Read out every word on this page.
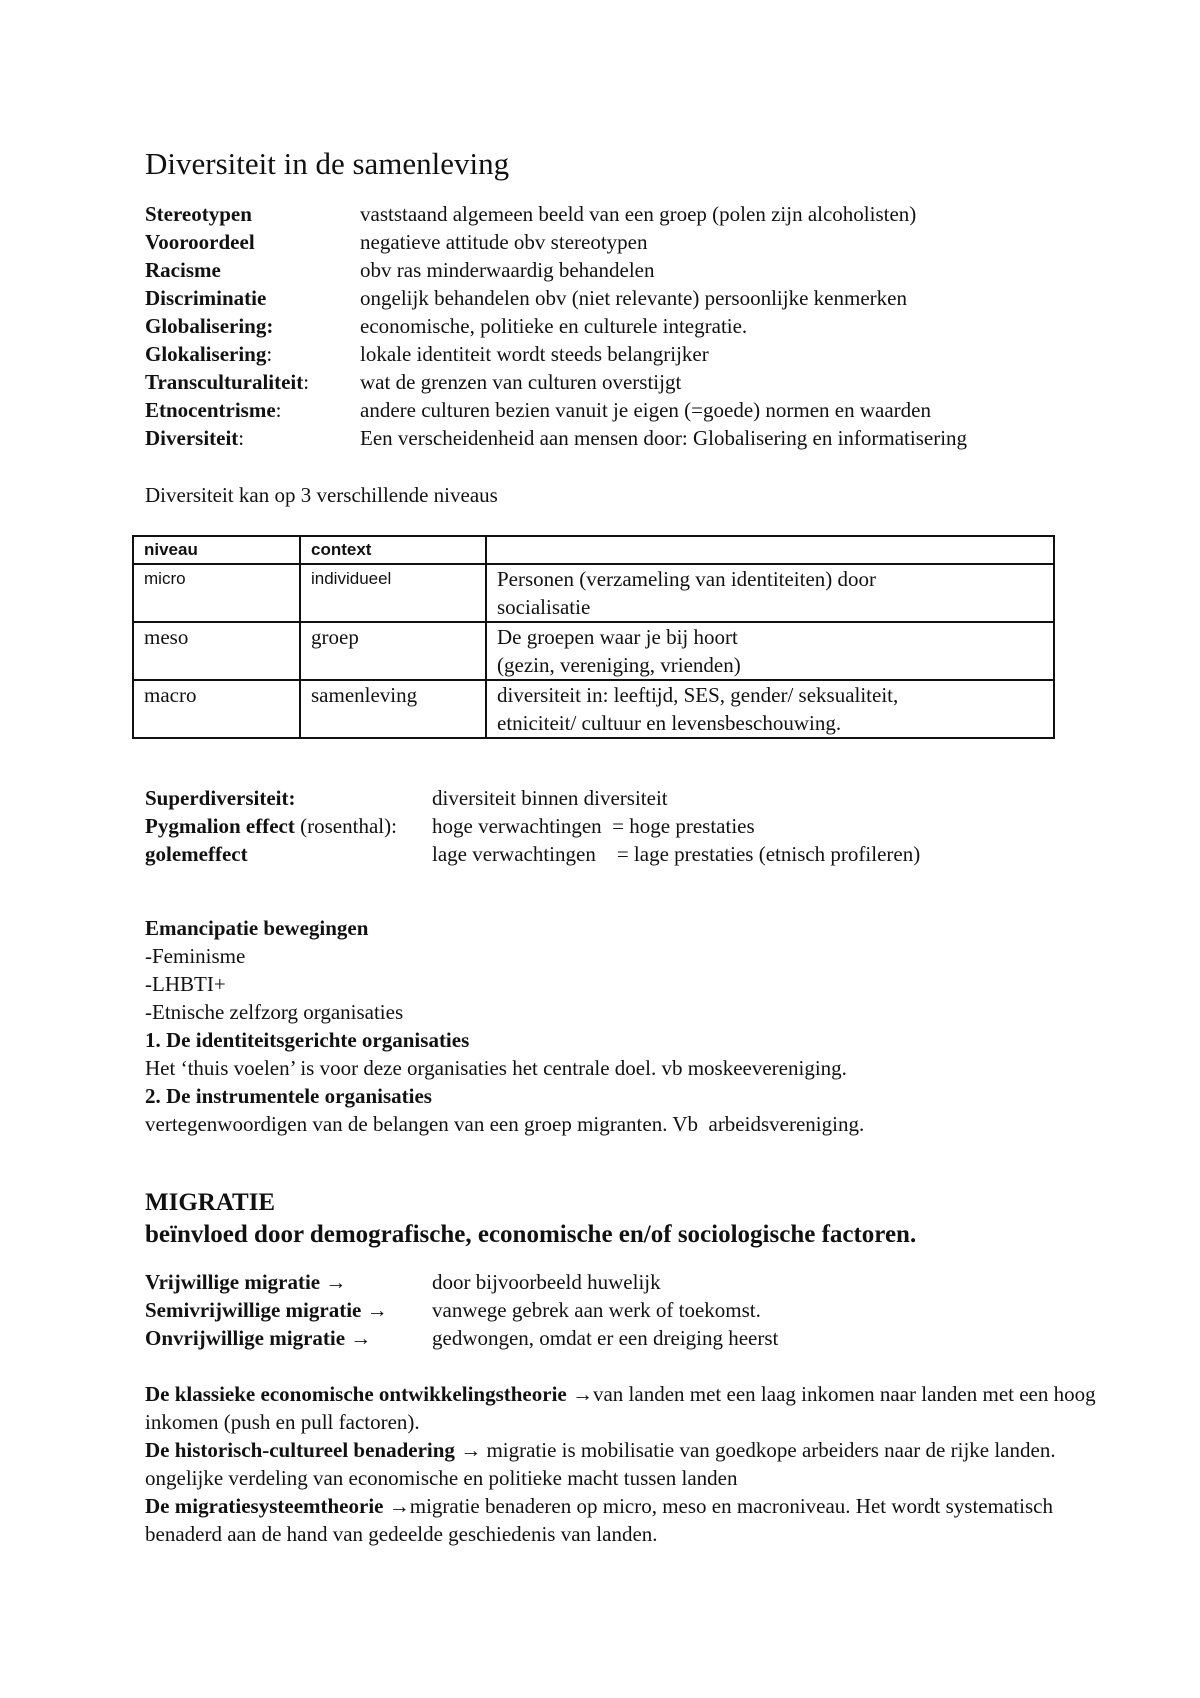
Diversiteit in de samenleving
Stereotypen	vaststaand algemeen beeld van een groep (polen zijn alcoholisten)
Vooroordeel	negatieve attitude obv stereotypen
Racisme	obv ras minderwaardig behandelen
Discriminatie	ongelijk behandelen obv (niet relevante) persoonlijke kenmerken
Globalisering:	economische, politieke en culturele integratie.
Glokalisering:	lokale identiteit wordt steeds belangrijker
Transculturaliteit: wat de grenzen van culturen overstijgt
Etnocentrisme:	andere culturen bezien vanuit je eigen (=goede) normen en waarden
Diversiteit:	Een verscheidenheid aan mensen door: Globalisering en informatisering
Diversiteit kan op 3 verschillende niveaus
niveau	context	
micro	individueel	Personen (verzameling van identiteiten) door
socialisatie

meso	groep	De groepen waar je bij hoort
(gezin, vereniging, vrienden)

macro	samenleving	diversiteit in: leeftijd, SES, gender/ seksualiteit,
etniciteit/ cultuur en levensbeschouwing.
Superdiversiteit:	diversiteit binnen diversiteit
Pygmalion effect (rosenthal): hoge verwachtingen  = hoge prestaties
golemeffect	lage verwachtingen    = lage prestaties (etnisch profileren)
Emancipatie bewegingen
-Feminisme
-LHBTI+
-Etnische zelfzorg organisaties
1. De identiteitsgerichte organisaties
Het ‘thuis voelen’ is voor deze organisaties het centrale doel. vb moskeevereniging.
2. De instrumentele organisaties
vertegenwoordigen van de belangen van een groep migranten. Vb  arbeidsvereniging.
MIGRATIE
beïnvloed door demografische, economische en/of sociologische factoren.
Vrijwillige migratie →	door bijvoorbeeld huwelijk
Semivrijwillige migratie → vanwege gebrek aan werk of toekomst.
Onvrijwillige migratie →	gedwongen, omdat er een dreiging heerst

De klassieke economische ontwikkelingstheorie →van landen met een laag inkomen naar landen met een hoog inkomen (push en pull factoren).

De historisch-cultureel benadering → migratie is mobilisatie van goedkope arbeiders naar de rijke landen. ongelijke verdeling van economische en politieke macht tussen landen

De migratiesysteemtheorie →migratie benaderen op micro, meso en macroniveau. Het wordt systematisch benaderd aan de hand van gedeelde geschiedenis van landen.
